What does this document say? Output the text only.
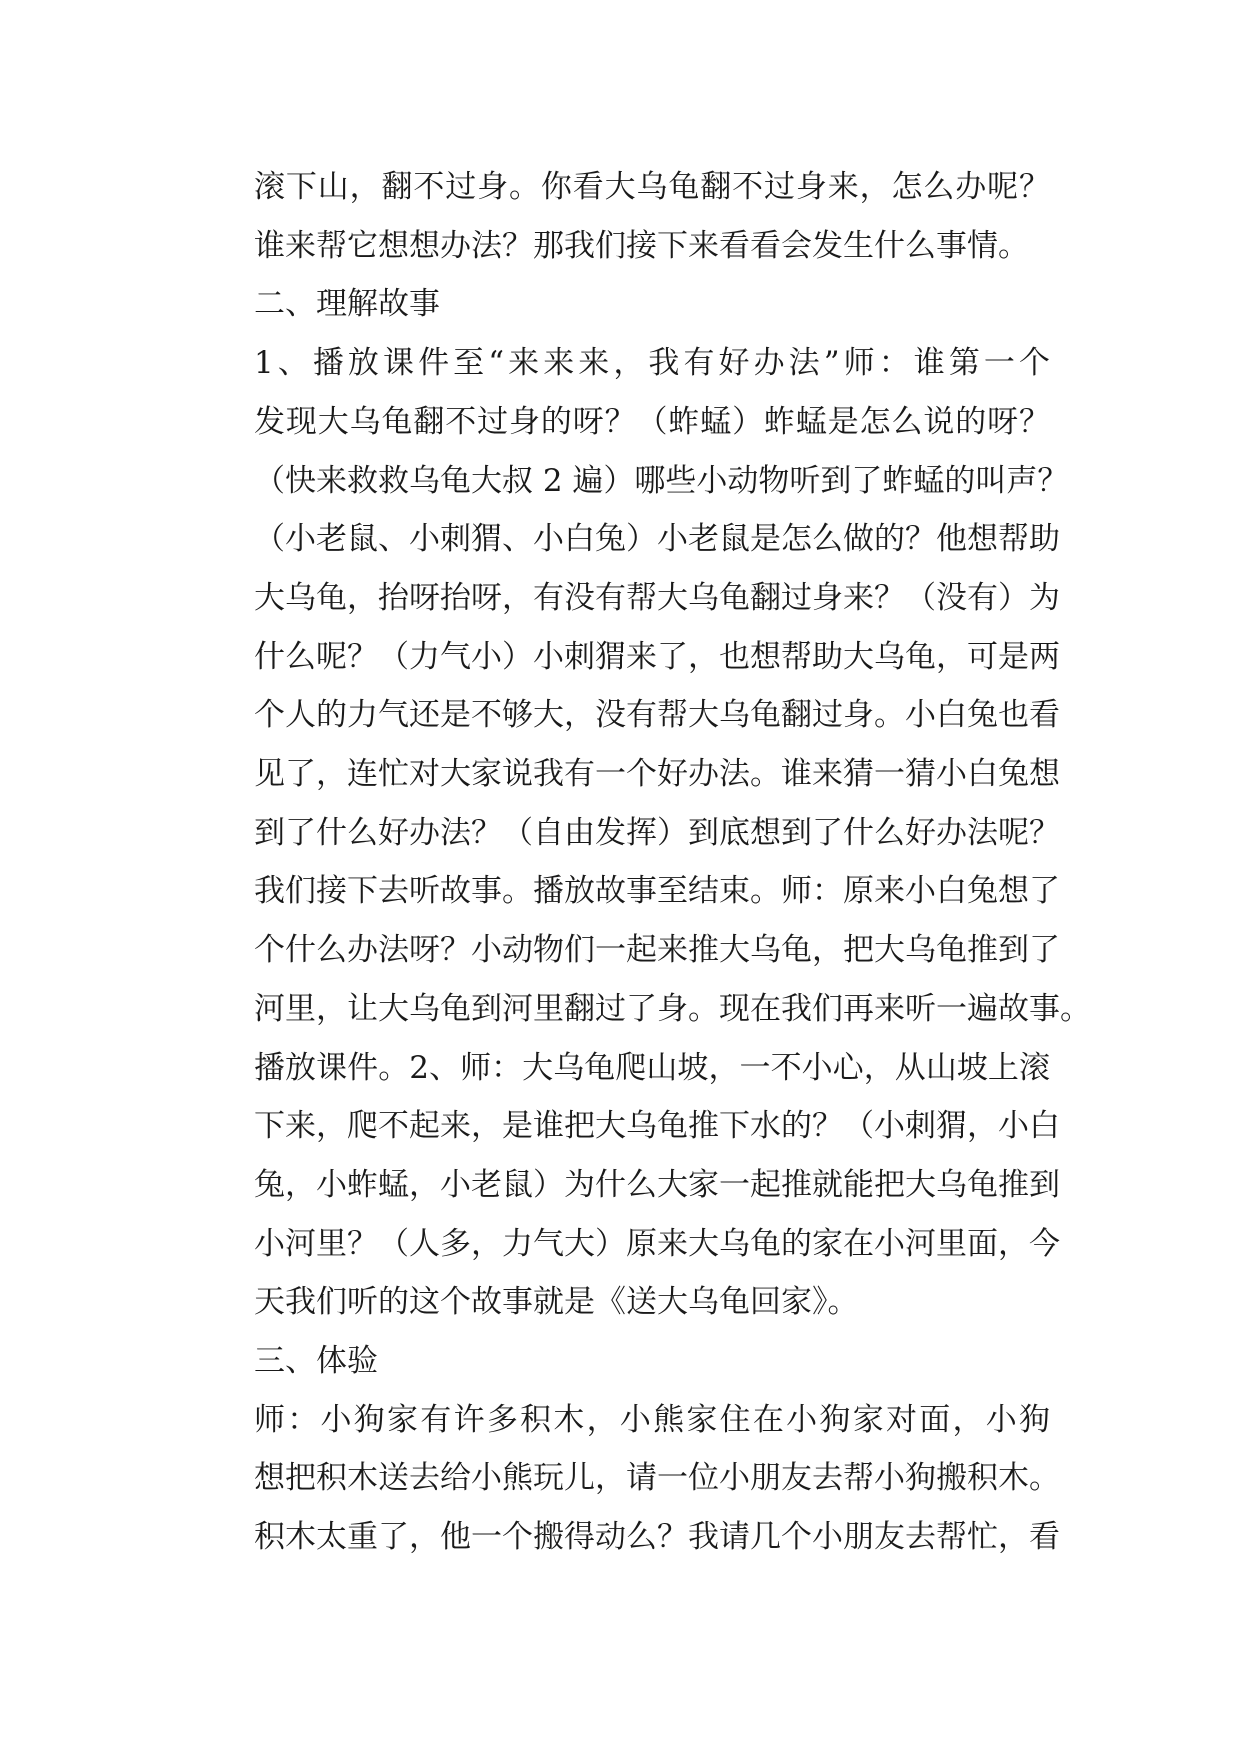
滚下山，翻不过身。你看大乌龟翻不过身来，怎么办呢？
谁来帮它想想办法？那我们接下来看看会发生什么事情。

二、理解故事

1、播放课件至“来来来，我有好办法”师：谁第一个
发现大乌龟翻不过身的呀？（蚱蜢）蚱蜢是怎么说的呀？
（快来救救乌龟大叔 2 遍）哪些小动物听到了蚱蜢的叫声？
（小老鼠、小刺猬、小白兔）小老鼠是怎么做的？他想帮助
大乌龟，抬呀抬呀，有没有帮大乌龟翻过身来？（没有）为
什么呢？（力气小）小刺猬来了，也想帮助大乌龟，可是两
个人的力气还是不够大，没有帮大乌龟翻过身。小白兔也看
见了，连忙对大家说我有一个好办法。谁来猜一猜小白兔想
到了什么好办法？（自由发挥）到底想到了什么好办法呢？
我们接下去听故事。播放故事至结束。师：原来小白兔想了
个什么办法呀？小动物们一起来推大乌龟，把大乌龟推到了
河里，让大乌龟到河里翻过了身。现在我们再来听一遍故事。
播放课件。2、师：大乌龟爬山坡，一不小心，从山坡上滚
下来，爬不起来，是谁把大乌龟推下水的？（小刺猬，小白
兔，小蚱蜢，小老鼠）为什么大家一起推就能把大乌龟推到
小河里？（人多，力气大）原来大乌龟的家在小河里面，今
天我们听的这个故事就是《送大乌龟回家》。

三、体验

师：小狗家有许多积木，小熊家住在小狗家对面，小狗
想把积木送去给小熊玩儿，请一位小朋友去帮小狗搬积木。
积木太重了，他一个搬得动么？我请几个小朋友去帮忙，看
